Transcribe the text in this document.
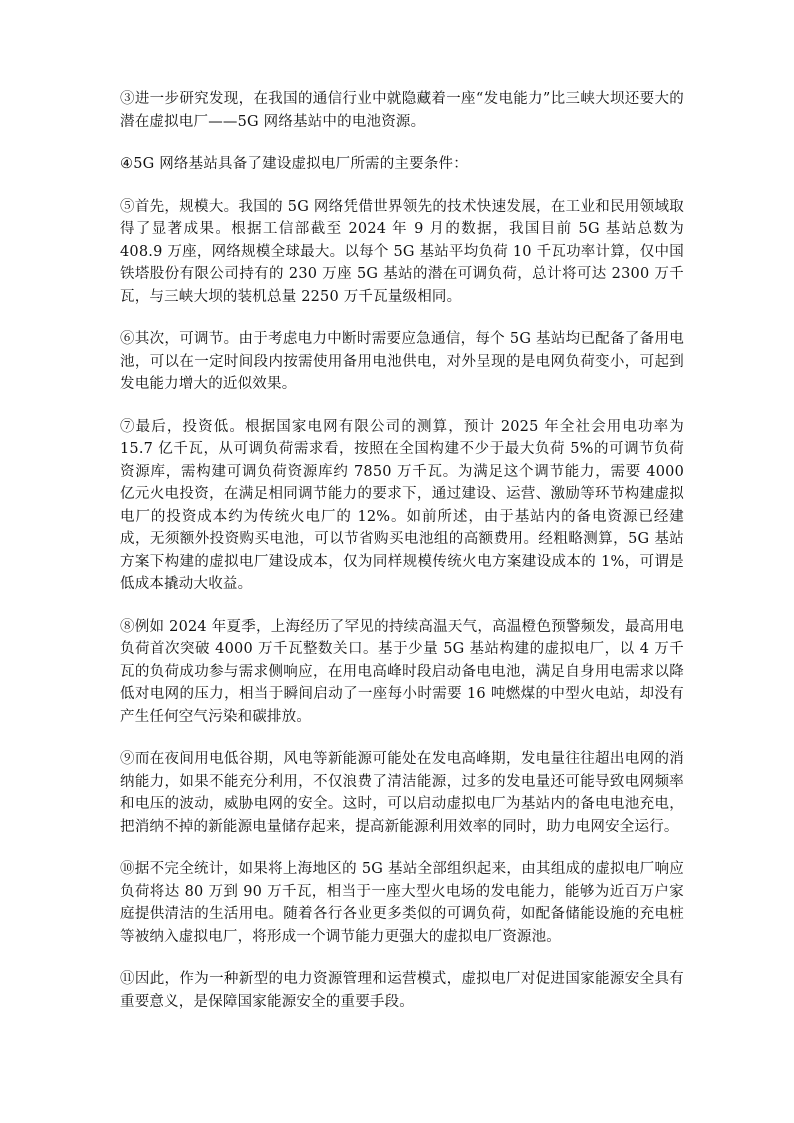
③进一步研究发现，在我国的通信行业中就隐藏着一座“发电能力”比三峡大坝还要大的潜在虚拟电厂——5G 网络基站中的电池资源。

④5G 网络基站具备了建设虚拟电厂所需的主要条件：

⑤首先，规模大。我国的 5G 网络凭借世界领先的技术快速发展，在工业和民用领域取得了显著成果。根据工信部截至 2024 年 9 月的数据，我国目前 5G 基站总数为 408.9 万座，网络规模全球最大。以每个 5G 基站平均负荷 10 千瓦功率计算，仅中国铁塔股份有限公司持有的 230 万座 5G 基站的潜在可调负荷，总计将可达 2300 万千瓦，与三峡大坝的装机总量 2250 万千瓦量级相同。

⑥其次，可调节。由于考虑电力中断时需要应急通信，每个 5G 基站均已配备了备用电池，可以在一定时间段内按需使用备用电池供电，对外呈现的是电网负荷变小，可起到发电能力增大的近似效果。

⑦最后，投资低。根据国家电网有限公司的测算，预计 2025 年全社会用电功率为 15.7 亿千瓦，从可调负荷需求看，按照在全国构建不少于最大负荷 5%的可调节负荷资源库，需构建可调负荷资源库约 7850 万千瓦。为满足这个调节能力，需要 4000 亿元火电投资，在满足相同调节能力的要求下，通过建设、运营、激励等环节构建虚拟电厂的投资成本约为传统火电厂的 12%。如前所述，由于基站内的备电资源已经建成，无须额外投资购买电池，可以节省购买电池组的高额费用。经粗略测算，5G 基站方案下构建的虚拟电厂建设成本，仅为同样规模传统火电方案建设成本的 1%，可谓是低成本撬动大收益。

⑧例如 2024 年夏季，上海经历了罕见的持续高温天气，高温橙色预警频发，最高用电负荷首次突破 4000 万千瓦整数关口。基于少量 5G 基站构建的虚拟电厂，以 4 万千瓦的负荷成功参与需求侧响应，在用电高峰时段启动备电电池，满足自身用电需求以降低对电网的压力，相当于瞬间启动了一座每小时需要 16 吨燃煤的中型火电站，却没有产生任何空气污染和碳排放。

⑨而在夜间用电低谷期，风电等新能源可能处在发电高峰期，发电量往往超出电网的消纳能力，如果不能充分利用，不仅浪费了清洁能源，过多的发电量还可能导致电网频率和电压的波动，威胁电网的安全。这时，可以启动虚拟电厂为基站内的备电电池充电，把消纳不掉的新能源电量储存起来，提高新能源利用效率的同时，助力电网安全运行。

⑩据不完全统计，如果将上海地区的 5G 基站全部组织起来，由其组成的虚拟电厂响应负荷将达 80 万到 90 万千瓦，相当于一座大型火电场的发电能力，能够为近百万户家庭提供清洁的生活用电。随着各行各业更多类似的可调负荷，如配备储能设施的充电桩等被纳入虚拟电厂，将形成一个调节能力更强大的虚拟电厂资源池。

⑪因此，作为一种新型的电力资源管理和运营模式，虚拟电厂对促进国家能源安全具有重要意义，是保障国家能源安全的重要手段。
